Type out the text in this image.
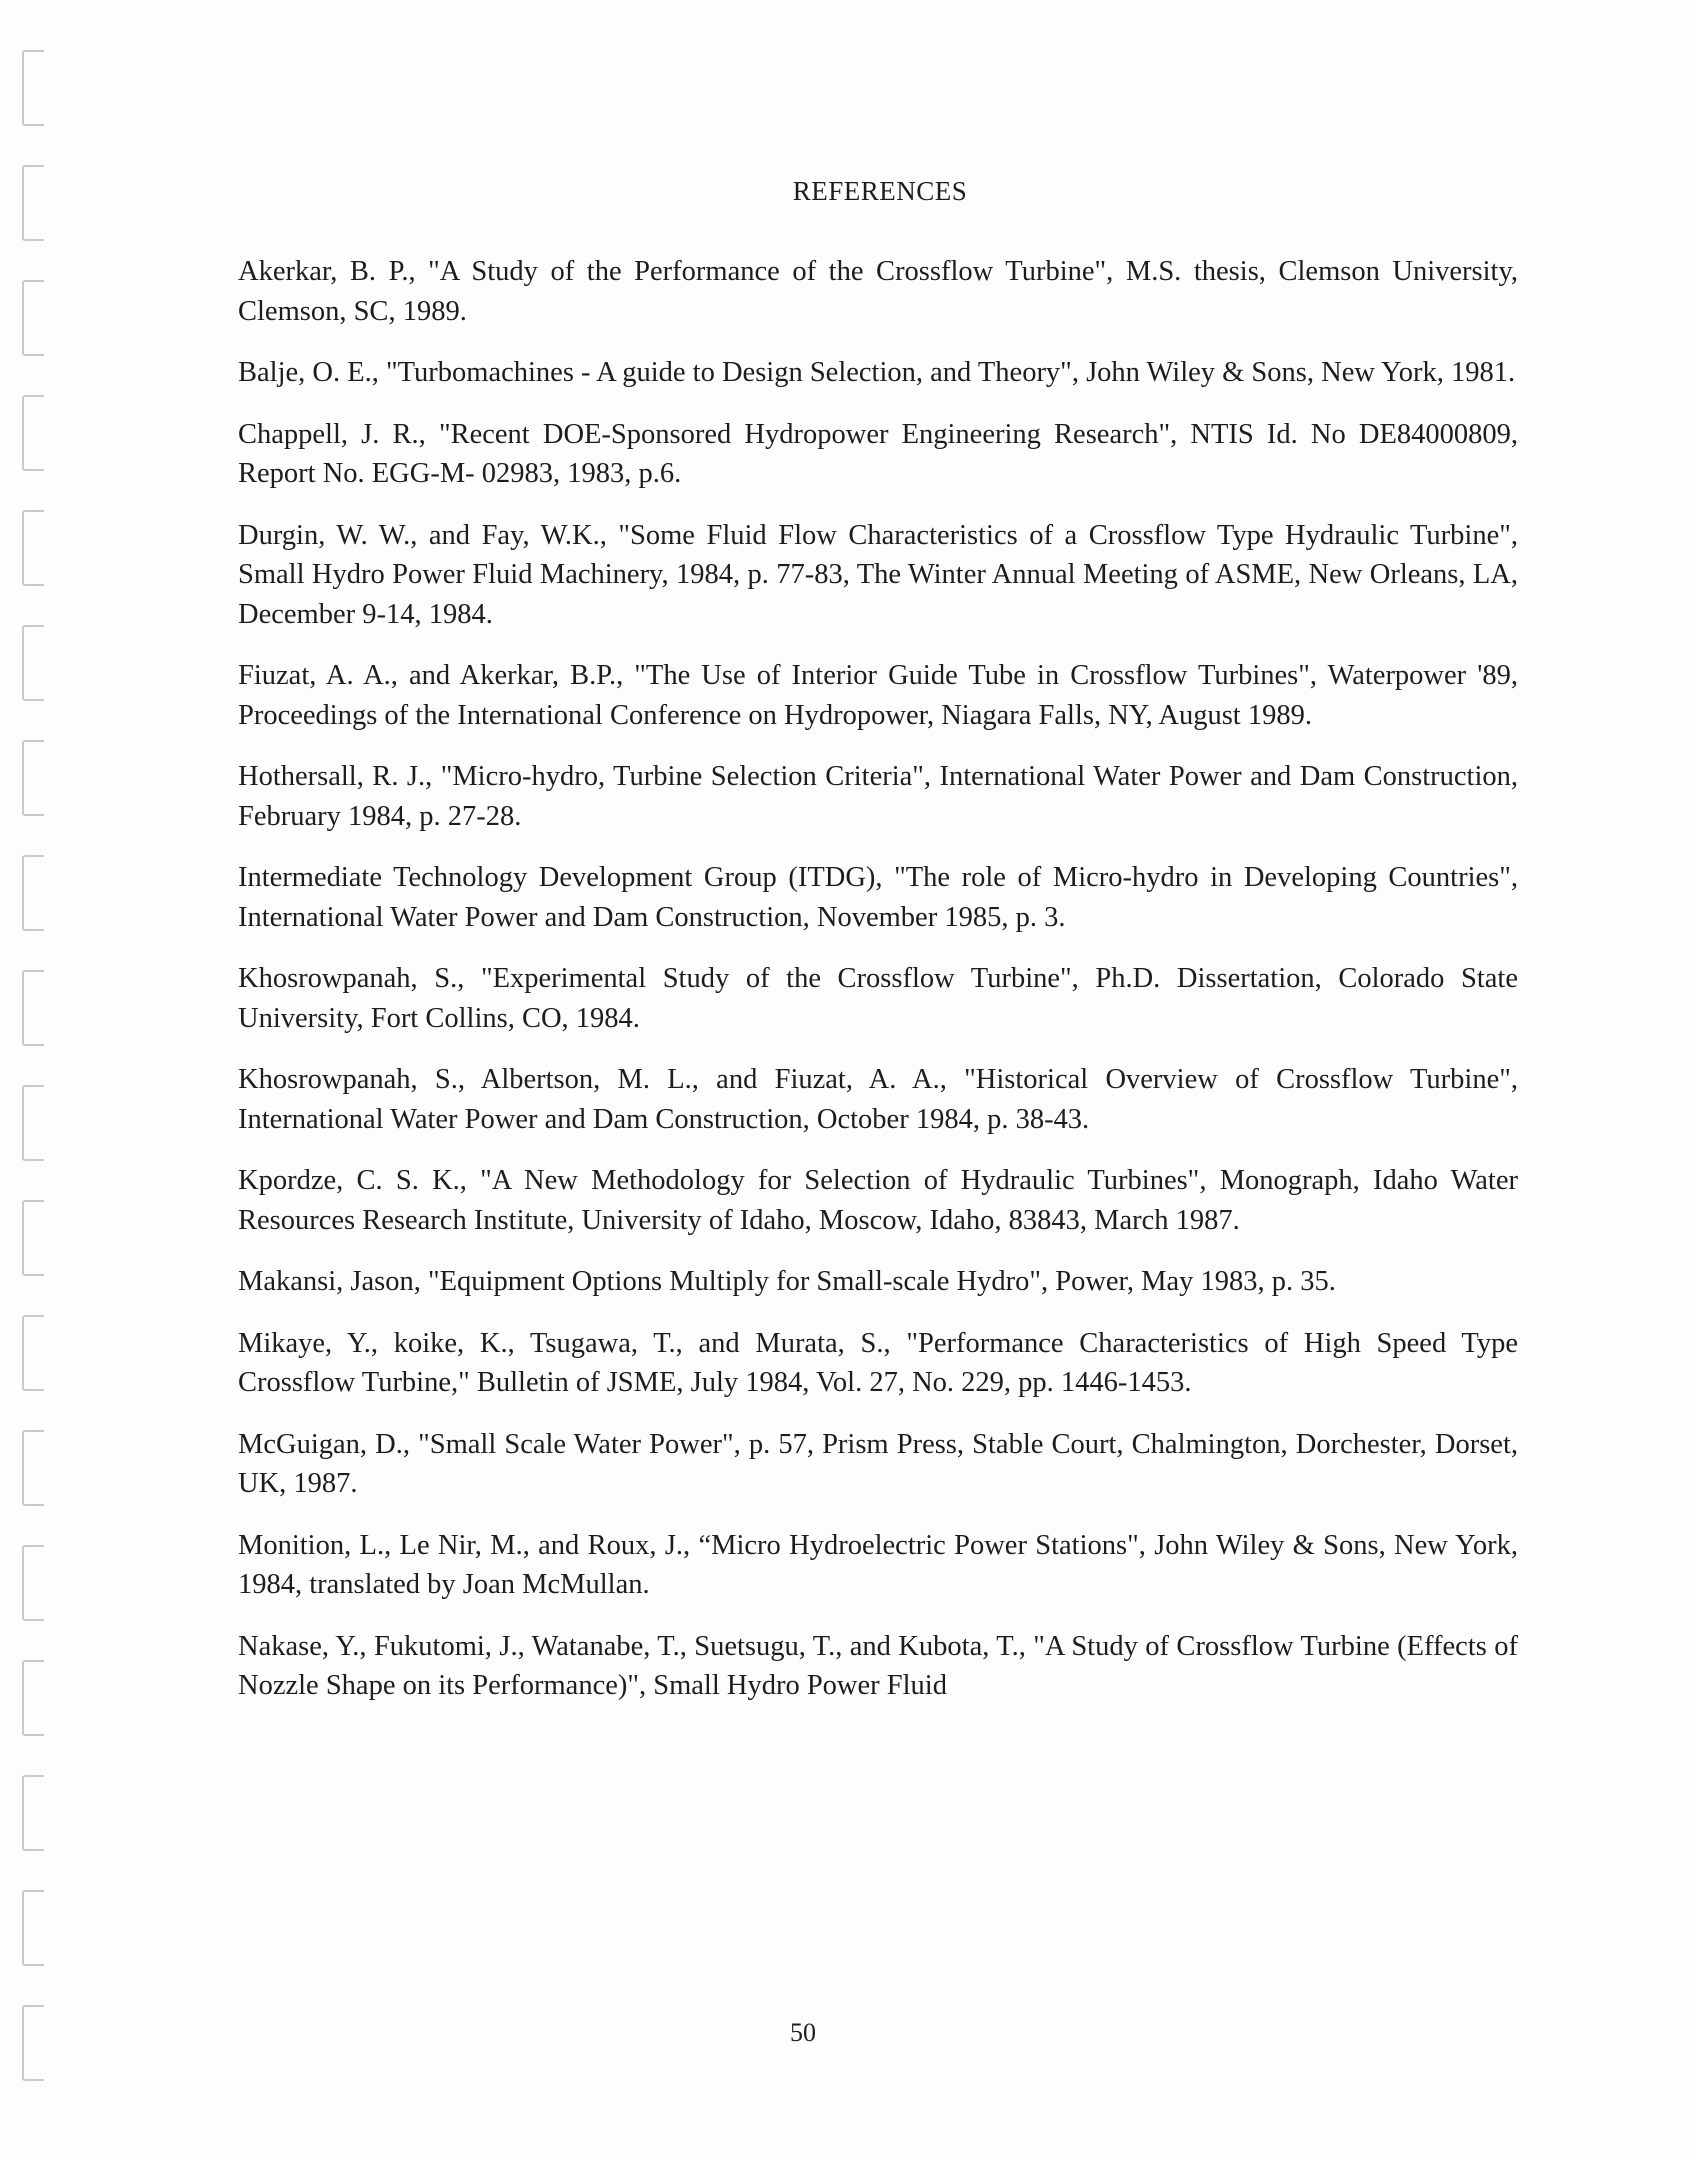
REFERENCES
Akerkar, B. P., "A Study of the Performance of the Crossflow Turbine", M.S. thesis, Clemson University, Clemson, SC, 1989.
Balje, O. E., "Turbomachines - A guide to Design Selection, and Theory", John Wiley & Sons, New York, 1981.
Chappell, J. R., "Recent DOE-Sponsored Hydropower Engineering Research", NTIS Id. No DE84000809, Report No. EGG-M- 02983, 1983, p.6.
Durgin, W. W., and Fay, W.K., "Some Fluid Flow Characteristics of a Crossflow Type Hydraulic Turbine", Small Hydro Power Fluid Machinery, 1984, p. 77-83, The Winter Annual Meeting of ASME, New Orleans, LA, December 9-14, 1984.
Fiuzat, A. A., and Akerkar, B.P., "The Use of Interior Guide Tube in Crossflow Turbines", Waterpower '89, Proceedings of the International Conference on Hydropower, Niagara Falls, NY, August 1989.
Hothersall, R. J., "Micro-hydro, Turbine Selection Criteria", International Water Power and Dam Construction, February 1984, p. 27-28.
Intermediate Technology Development Group (ITDG), "The role of Micro-hydro in Developing Countries", International Water Power and Dam Construction, November 1985, p. 3.
Khosrowpanah, S., "Experimental Study of the Crossflow Turbine", Ph.D. Dissertation, Colorado State University, Fort Collins, CO, 1984.
Khosrowpanah, S., Albertson, M. L., and Fiuzat, A. A., "Historical Overview of Crossflow Turbine", International Water Power and Dam Construction, October 1984, p. 38-43.
Kpordze, C. S. K., "A New Methodology for Selection of Hydraulic Turbines", Monograph, Idaho Water Resources Research Institute, University of Idaho, Moscow, Idaho, 83843, March 1987.
Makansi, Jason, "Equipment Options Multiply for Small-scale Hydro", Power, May 1983, p. 35.
Mikaye, Y., koike, K., Tsugawa, T., and Murata, S., "Performance Characteristics of High Speed Type Crossflow Turbine," Bulletin of JSME, July 1984, Vol. 27, No. 229, pp. 1446-1453.
McGuigan, D., "Small Scale Water Power", p. 57, Prism Press, Stable Court, Chalmington, Dorchester, Dorset, UK, 1987.
Monition, L., Le Nir, M., and Roux, J., “Micro Hydroelectric Power Stations", John Wiley & Sons, New York, 1984, translated by Joan McMullan.
Nakase, Y., Fukutomi, J., Watanabe, T., Suetsugu, T., and Kubota, T., "A Study of Crossflow Turbine (Effects of Nozzle Shape on its Performance)", Small Hydro Power Fluid
50
